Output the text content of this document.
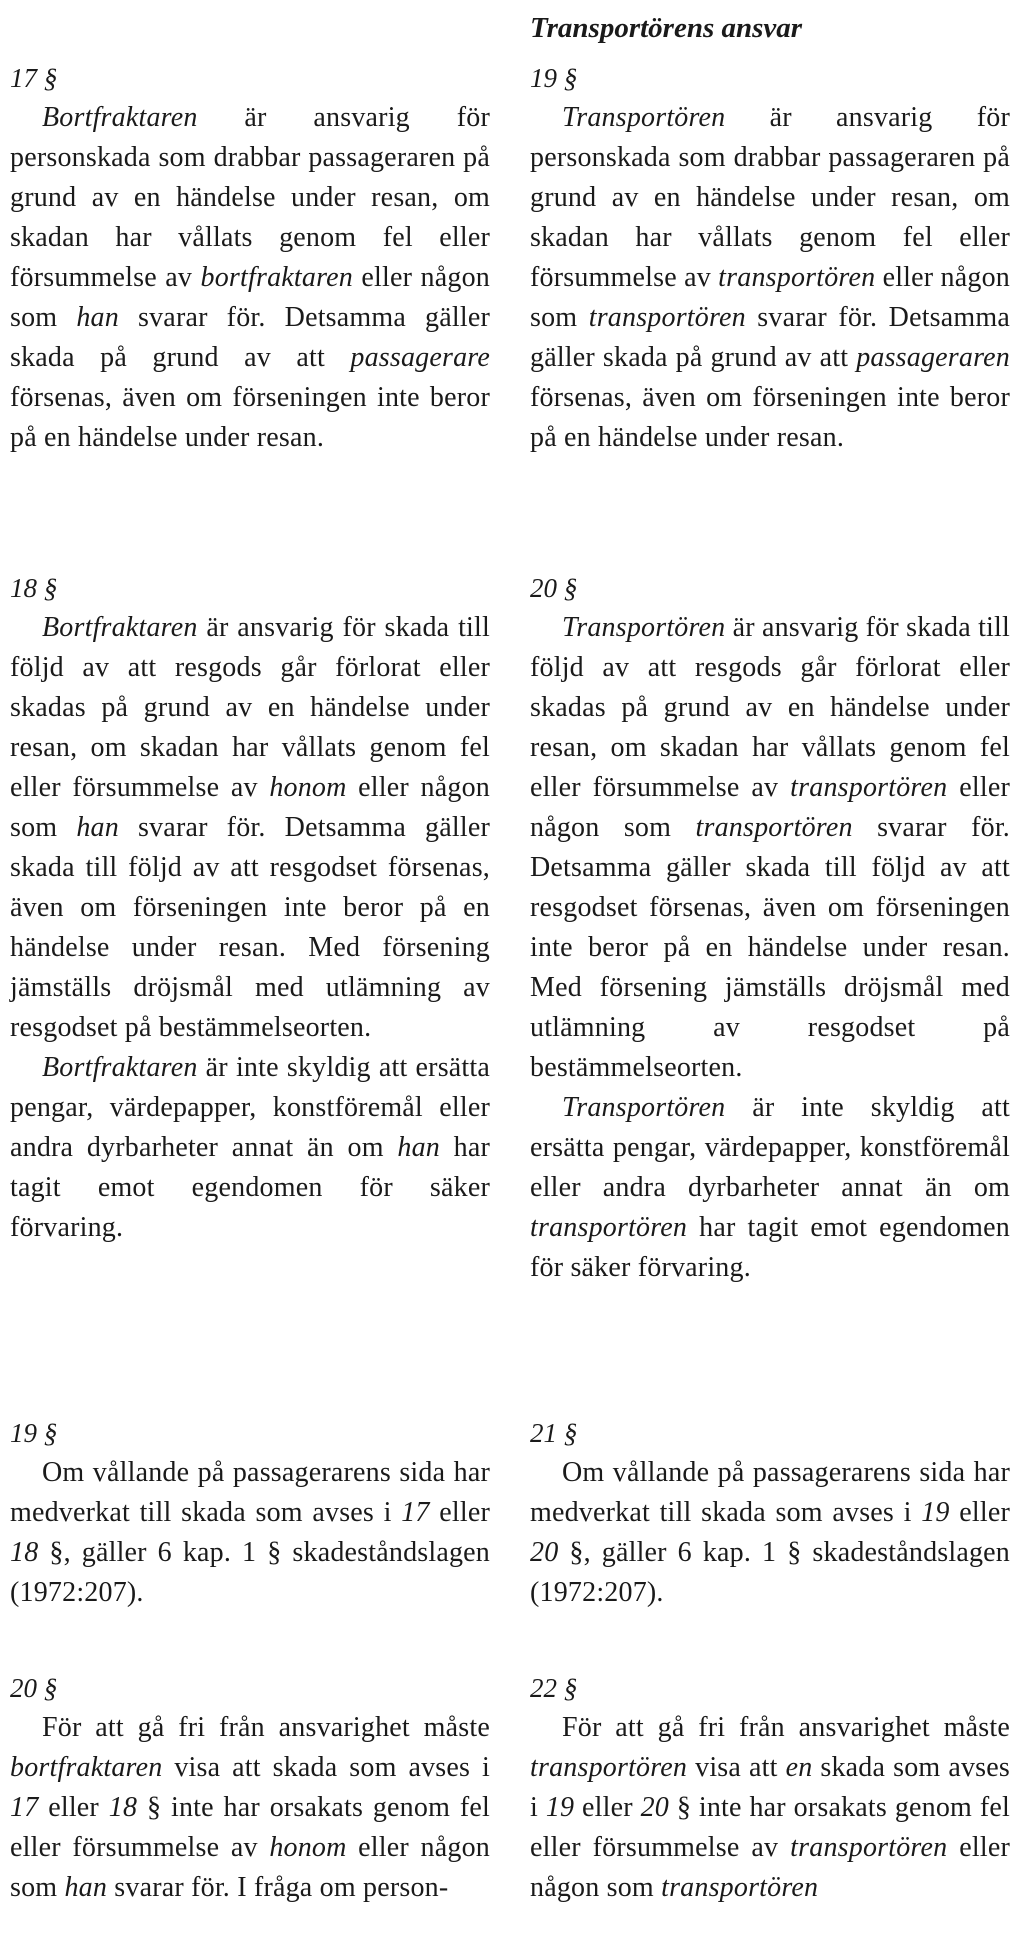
17 §

Bortfraktaren är ansvarig för personskada som drabbar passageraren på grund av en händelse under resan, om skadan har vållats genom fel eller försummelse av bortfraktaren eller någon som han svarar för. Detsamma gäller skada på grund av att passagerare försenas, även om förseningen inte beror på en händelse under resan.

18 §

Bortfraktaren är ansvarig för skada till följd av att resgods går förlorat eller skadas på grund av en händelse under resan, om skadan har vållats genom fel eller försummelse av honom eller någon som han svarar för. Detsamma gäller skada till följd av att resgodset försenas, även om förseningen inte beror på en händelse under resan. Med försening jämställs dröjsmål med utlämning av resgodset på bestämmelseorten.

Bortfraktaren är inte skyldig att ersätta pengar, värdepapper, konstföremål eller andra dyrbarheter annat än om han har tagit emot egendomen för säker förvaring.

19 §

Om vållande på passagerarens sida har medverkat till skada som avses i 17 eller 18 §, gäller 6 kap. 1 § skadeståndslagen (1972:207).

20 §

För att gå fri från ansvarighet måste bortfraktaren visa att skada som avses i 17 eller 18 § inte har orsakats genom fel eller försummelse av honom eller någon som han svarar för. I fråga om person-

Transportörens ansvar
19 §

Transportören är ansvarig för personskada som drabbar passageraren på grund av en händelse under resan, om skadan har vållats genom fel eller försummelse av transportören eller någon som transportören svarar för. Detsamma gäller skada på grund av att passageraren försenas, även om förseningen inte beror på en händelse under resan.

20 §

Transportören är ansvarig för skada till följd av att resgods går förlorat eller skadas på grund av en händelse under resan, om skadan har vållats genom fel eller försummelse av transportören eller någon som transportören svarar för. Detsamma gäller skada till följd av att resgodset försenas, även om förseningen inte beror på en händelse under resan. Med försening jämställs dröjsmål med utlämning av resgodset på bestämmelseorten.

Transportören är inte skyldig att ersätta pengar, värdepapper, konstföremål eller andra dyrbarheter annat än om transportören har tagit emot egendomen för säker förvaring.

21 §

Om vållande på passagerarens sida har medverkat till skada som avses i 19 eller 20 §, gäller 6 kap. 1 § skadeståndslagen (1972:207).

22 §

För att gå fri från ansvarighet måste transportören visa att en skada som avses i 19 eller 20 § inte har orsakats genom fel eller försummelse av transportören eller någon som transportören
